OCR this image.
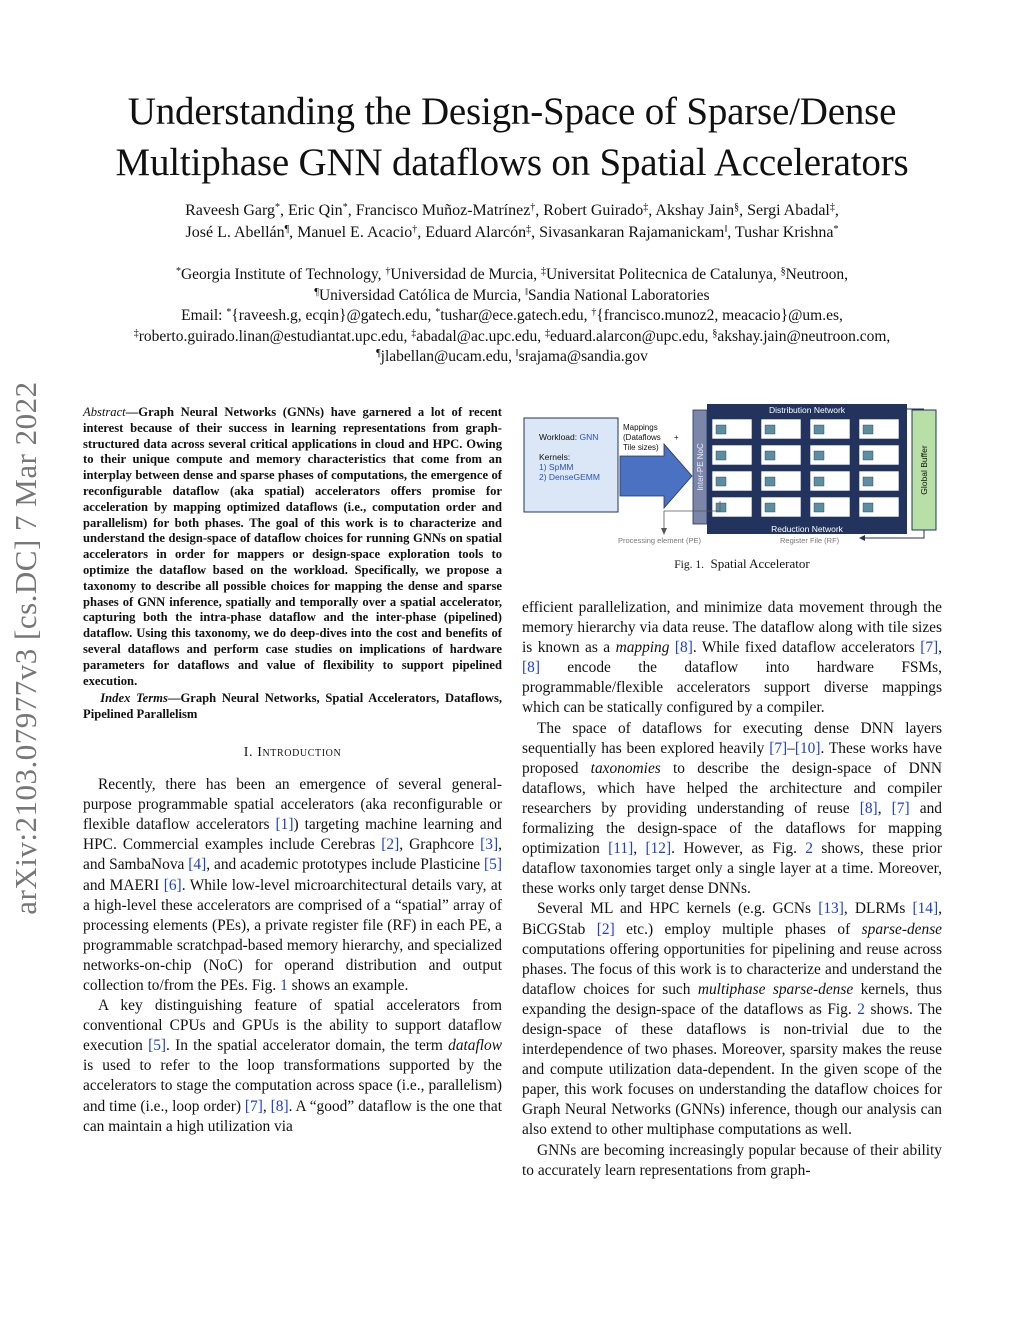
Understanding the Design-Space of Sparse/Dense
Multiphase GNN dataflows on Spatial Accelerators
Raveesh Garg*, Eric Qin*, Francisco Muñoz-Matrínez†, Robert Guirado‡, Akshay Jain§, Sergi Abadal‡,
José L. Abellán¶, Manuel E. Acacio†, Eduard Alarcón‡, Sivasankaran Rajamanickam‖, Tushar Krishna*
*Georgia Institute of Technology, †Universidad de Murcia, ‡Universitat Politecnica de Catalunya, §Neutroon,
¶Universidad Católica de Murcia, ‖Sandia National Laboratories
Email: *{raveesh.g, ecqin}@gatech.edu, *tushar@ece.gatech.edu, †{francisco.munoz2, meacacio}@um.es,
‡roberto.guirado.linan@estudiantat.upc.edu, ‡abadal@ac.upc.edu, ‡eduard.alarcon@upc.edu, §akshay.jain@neutroon.com,
¶jlabellan@ucam.edu, ‖srajama@sandia.gov
arXiv:2103.07977v3 [cs.DC] 7 Mar 2022	Abstract—Graph Neural Networks (GNNs) have garnered a lot of recent interest because of their success in learning representations from graph-structured data across several critical applications in cloud and HPC. Owing to their unique compute and memory characteristics that come from an interplay between dense and sparse phases of computations, the emergence of reconfigurable dataflow (aka spatial) accelerators offers promise for acceleration by mapping optimized dataflows (i.e., computation order and parallelism) for both phases. The goal of this work is to characterize and understand the design-space of dataflow choices for running GNNs on spatial accelerators in order for mappers or design-space exploration tools to optimize the dataflow based on the workload. Specifically, we propose a taxonomy to describe all possible choices for mapping the dense and sparse phases of GNN inference, spatially and temporally over a spatial accelerator, capturing both the intra-phase dataflow and the inter-phase (pipelined) dataflow. Using this taxonomy, we do deep-dives into the cost and benefits of several dataflows and perform case studies on implications of hardware parameters for dataflows and value of flexibility to support pipelined execution.

Index Terms—Graph Neural Networks, Spatial Accelerators, Dataflows, Pipelined Parallelism

I. Introduction

Recently, there has been an emergence of several general-purpose programmable spatial accelerators (aka reconfigurable or flexible dataflow accelerators [1]) targeting machine learning and HPC. Commercial examples include Cerebras [2], Graphcore [3], and SambaNova [4], and academic prototypes include Plasticine [5] and MAERI [6]. While low-level microarchitectural details vary, at a high-level these accelerators are comprised of a “spatial” array of processing elements (PEs), a private register file (RF) in each PE, a programmable scratchpad-based memory hierarchy, and specialized networks-on-chip (NoC) for operand distribution and output collection to/from the PEs. Fig. 1 shows an example.

A key distinguishing feature of spatial accelerators from conventional CPUs and GPUs is the ability to support dataflow execution [5]. In the spatial accelerator domain, the term dataflow is used to refer to the loop transformations supported by the accelerators to stage the computation across space (i.e., parallelism) and time (i.e., loop order) [7], [8]. A “good” dataflow is the one that can maintain a high utilization via

Workload: GNN
Kernels:
1) SpMM
2) DenseGEMM
Mappings
(Dataflows
Tile sizes)
+
Inter-PE NoC
Distribution Network
Reduction Network
Global Buffer
Processing element (PE)	Register File (RF)
Fig. 1. Spatial Accelerator

efficient parallelization, and minimize data movement through the memory hierarchy via data reuse. The dataflow along with tile sizes is known as a mapping [8]. While fixed dataflow accelerators [7], [8] encode the dataflow into hardware FSMs, programmable/flexible accelerators support diverse mappings which can be statically configured by a compiler.

The space of dataflows for executing dense DNN layers sequentially has been explored heavily [7]–[10]. These works have proposed taxonomies to describe the design-space of DNN dataflows, which have helped the architecture and compiler researchers by providing understanding of reuse [8], [7] and formalizing the design-space of the dataflows for mapping optimization [11], [12]. However, as Fig. 2 shows, these prior dataflow taxonomies target only a single layer at a time. Moreover, these works only target dense DNNs.

Several ML and HPC kernels (e.g. GCNs [13], DLRMs [14], BiCGStab [2] etc.) employ multiple phases of sparse-dense computations offering opportunities for pipelining and reuse across phases. The focus of this work is to characterize and understand the dataflow choices for such multiphase sparse-dense kernels, thus expanding the design-space of the dataflows as Fig. 2 shows. The design-space of these dataflows is non-trivial due to the interdependence of two phases. Moreover, sparsity makes the reuse and compute utilization data-dependent. In the given scope of the paper, this work focuses on understanding the dataflow choices for Graph Neural Networks (GNNs) inference, though our analysis can also extend to other multiphase computations as well.

GNNs are becoming increasingly popular because of their ability to accurately learn representations from graph-
